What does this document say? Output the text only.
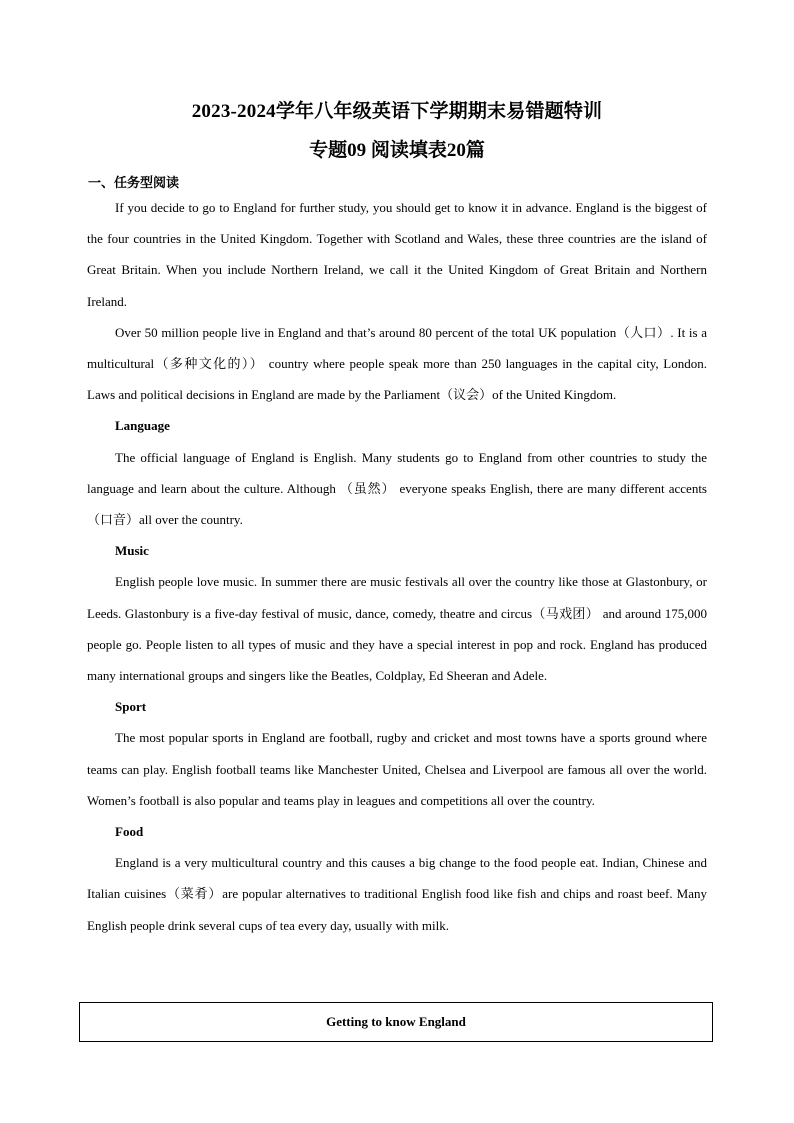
2023-2024学年八年级英语下学期期末易错题特训
专题09 阅读填表20篇
一、任务型阅读

If you decide to go to England for further study, you should get to know it in advance. England is the biggest of the four countries in the United Kingdom. Together with Scotland and Wales, these three countries are the island of Great Britain. When you include Northern Ireland, we call it the United Kingdom of Great Britain and Northern Ireland.

Over 50 million people live in England and that’s around 80 percent of the total UK population（人口）. It is a multicultural（多种文化的）） country where people speak more than 250 languages in the capital city, London. Laws and political decisions in England are made by the Parliament（议会）of the United Kingdom.

Language

The official language of England is English. Many students go to England from other countries to study the language and learn about the culture. Although （虽然） everyone speaks English, there are many different accents（口音）all over the country.

Music

English people love music. In summer there are music festivals all over the country like those at Glastonbury, or Leeds. Glastonbury is a five-day festival of music, dance, comedy, theatre and circus（马戏团） and around 175,000 people go. People listen to all types of music and they have a special interest in pop and rock. England has produced many international groups and singers like the Beatles, Coldplay, Ed Sheeran and Adele.

Sport

The most popular sports in England are football, rugby and cricket and most towns have a sports ground where teams can play. English football teams like Manchester United, Chelsea and Liverpool are famous all over the world. Women’s football is also popular and teams play in leagues and competitions all over the country.

Food

England is a very multicultural country and this causes a big change to the food people eat. Indian, Chinese and Italian cuisines（菜肴）are popular alternatives to traditional English food like fish and chips and roast beef. Many English people drink several cups of tea every day, usually with milk.

Getting to know England
